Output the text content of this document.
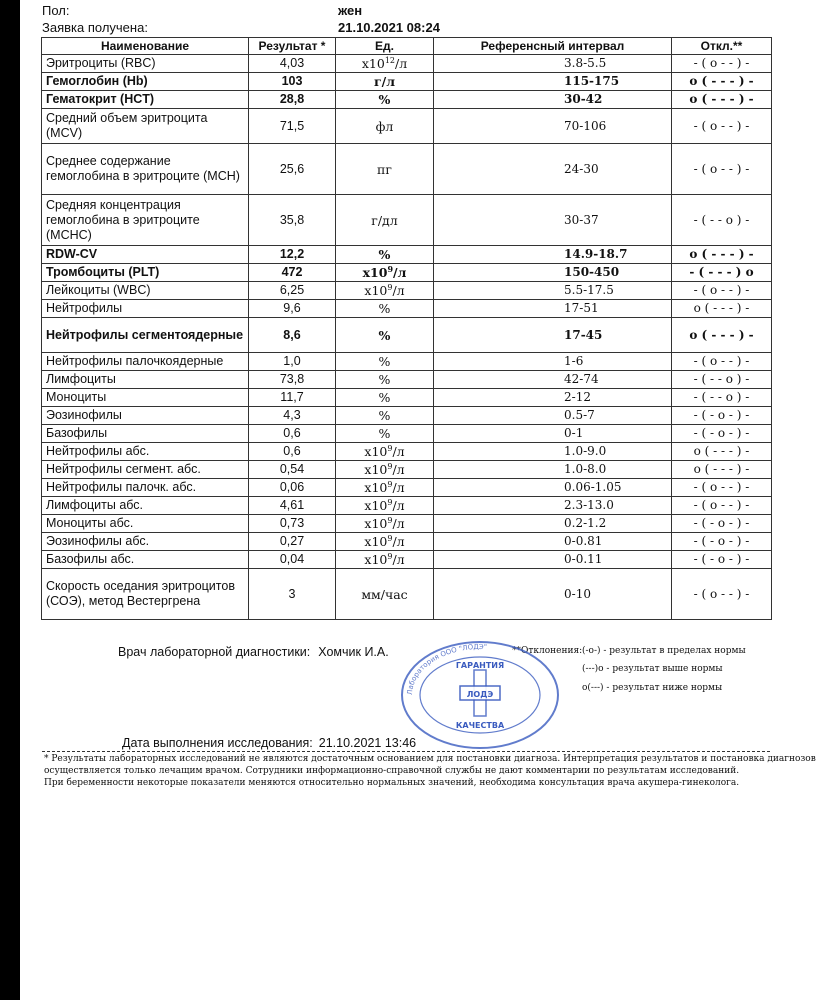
Пол:	жен
Заявка получена:	21.10.2021 08:24
Наименование	Результат *	Ед.	Референсный интервал	Откл.**
Эритроциты (RBC)	4,03	$x10^{12}/л$	3.8-5.5	- ( o - - ) -
Гемоглобин (Hb)	103	г/л	115-175	o ( - - - ) -
Гематокрит (HCT)	28,8	%	30-42	o ( - - - ) -
Средний объем эритроцита (MCV)	71,5	фл	70-106	- ( o - - ) -
Среднее содержание гемоглобина в эритроците (MCH)	25,6	пг	24-30	- ( o - - ) -
Средняя концентрация гемоглобина в эритроците (MCHC)	35,8	г/дл	30-37	- ( - - o ) -
RDW-CV	12,2	%	14.9-18.7	o ( - - - ) -
Тромбоциты (PLT)	472	$x10^9/л$	150-450	- ( - - - ) o
Лейкоциты (WBC)	6,25	$x10^9/л$	5.5-17.5	- ( o - - ) -
Нейтрофилы	9,6	%	17-51	o ( - - - ) -
Нейтрофилы сегментоядерные	8,6	%	17-45	o ( - - - ) -
Нейтрофилы палочкоядерные	1,0	%	1-6	- ( o - - ) -
Лимфоциты	73,8	%	42-74	- ( - - o ) -
Моноциты	11,7	%	2-12	- ( - - o ) -
Эозинофилы	4,3	%	0.5-7	- ( - o - ) -
Базофилы	0,6	%	0-1	- ( - o - ) -
Нейтрофилы абс.	0,6	$x10^9/л$	1.0-9.0	o ( - - - ) -
Нейтрофилы сегмент. абс.	0,54	$x10^9/л$	1.0-8.0	o ( - - - ) -
Нейтрофилы палочк. абс.	0,06	$x10^9/л$	0.06-1.05	- ( o - - ) -
Лимфоциты абс.	4,61	$x10^9/л$	2.3-13.0	- ( o - - ) -
Моноциты абс.	0,73	$x10^9/л$	0.2-1.2	- ( - o - ) -
Эозинофилы абс.	0,27	$x10^9/л$	0-0.81	- ( - o - ) -
Базофилы абс.	0,04	$x10^9/л$	0-0.11	- ( - o - ) -
Скорость оседания эритроцитов (СОЭ), метод Вестергрена	3	мм/час	0-10	- ( o - - ) -
Врач лабораторной диагностики: Хомчик И.А.	**Отклонения: (-о-) - результат в пределах нормы
(---)о - результат выше нормы
о(---) - результат ниже нормы
Лаборатория ООО "ЛОДЭ"
ГАРАНТИЯ
ЛОДЭ
КАЧЕСТВА
Дата выполнения исследования: 21.10.2021 13:46
* Результаты лабораторных исследований не являются достаточным основанием для постановки диагноза. Интерпретация результатов и постановка диагнозов
осуществляется только лечащим врачом. Сотрудники информационно-справочной службы не дают комментарии по результатам исследований.
При беременности некоторые показатели меняются относительно нормальных значений, необходима консультация врача акушера-гинеколога.
